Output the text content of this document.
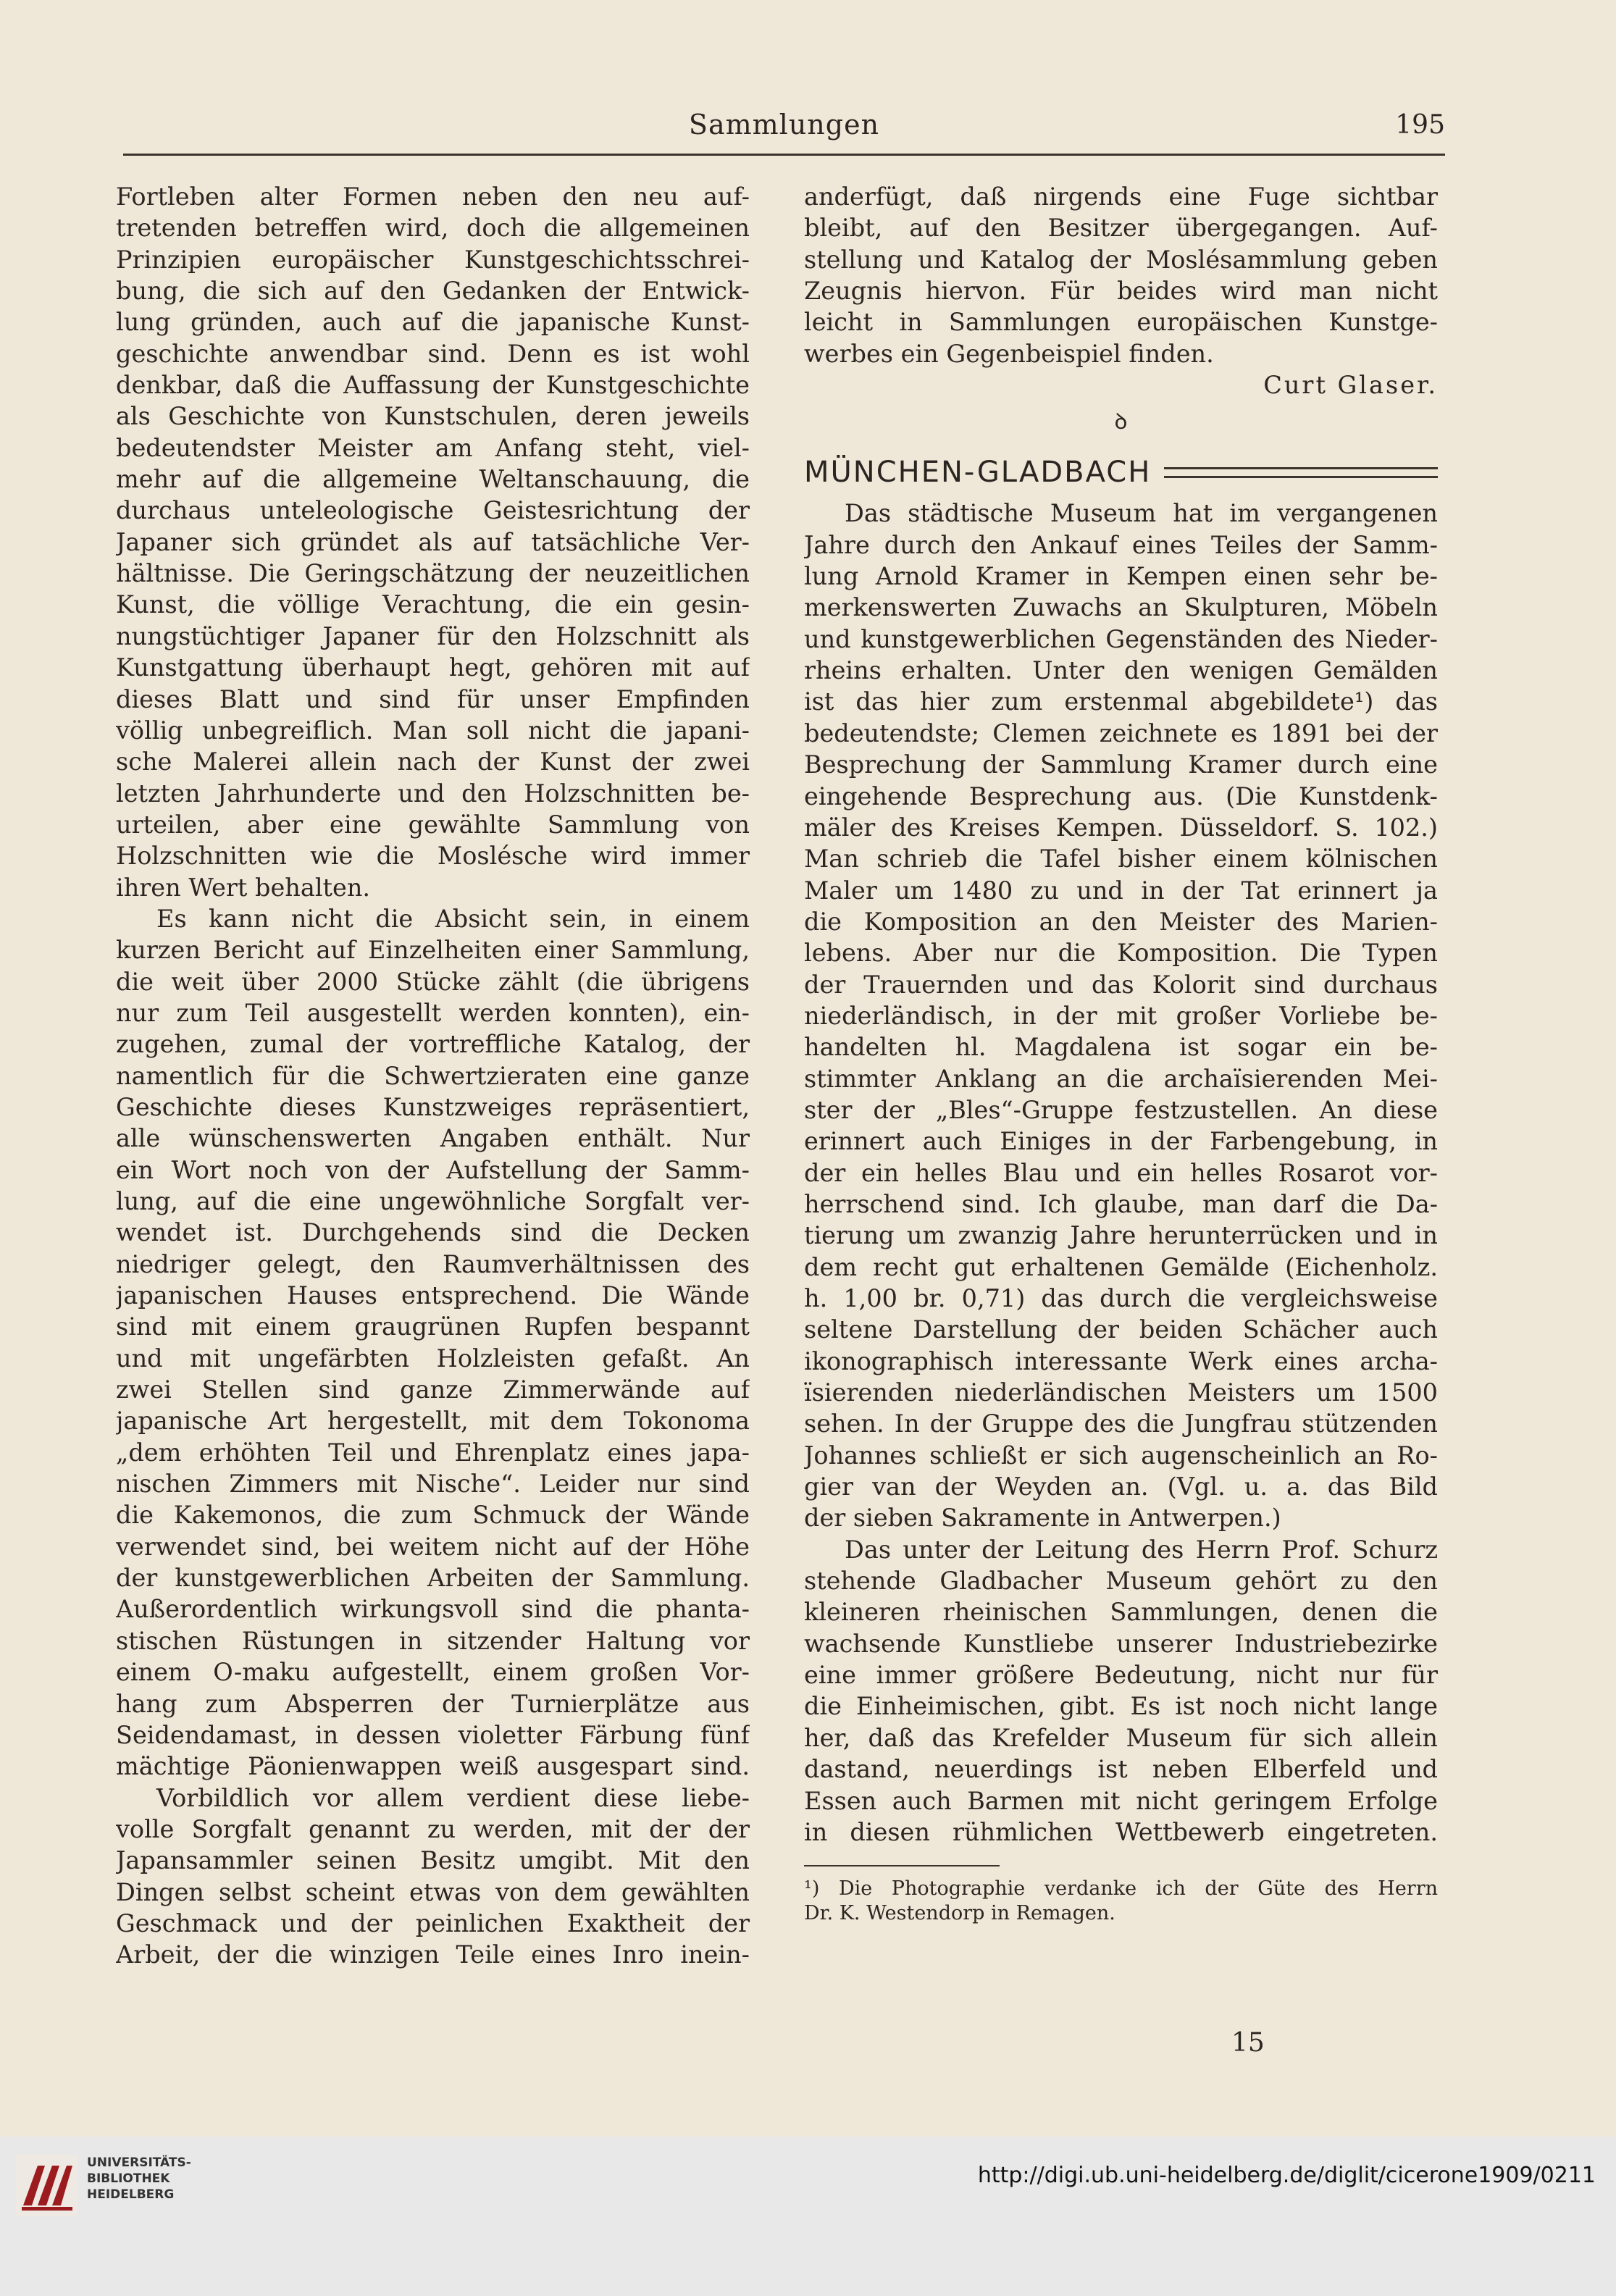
Sammlungen	195
Fortleben alter Formen neben den neu auf-
tretenden betreffen wird, doch die allgemeinen
Prinzipien europäischer Kunstgeschichtsschrei-
bung, die sich auf den Gedanken der Entwick-
lung gründen, auch auf die japanische Kunst-
geschichte anwendbar sind. Denn es ist wohl
denkbar, daß die Auffassung der Kunstgeschichte
als Geschichte von Kunstschulen, deren jeweils
bedeutendster Meister am Anfang steht, viel-
mehr auf die allgemeine Weltanschauung, die
durchaus unteleologische Geistesrichtung der
Japaner sich gründet als auf tatsächliche Ver-
hältnisse. Die Geringschätzung der neuzeitlichen
Kunst, die völlige Verachtung, die ein gesin-
nungstüchtiger Japaner für den Holzschnitt als
Kunstgattung überhaupt hegt, gehören mit auf
dieses Blatt und sind für unser Empfinden
völlig unbegreiflich. Man soll nicht die japani-
sche Malerei allein nach der Kunst der zwei
letzten Jahrhunderte und den Holzschnitten be-
urteilen, aber eine gewählte Sammlung von
Holzschnitten wie die Moslésche wird immer
ihren Wert behalten.
Es kann nicht die Absicht sein, in einem
kurzen Bericht auf Einzelheiten einer Sammlung,
die weit über 2000 Stücke zählt (die übrigens
nur zum Teil ausgestellt werden konnten), ein-
zugehen, zumal der vortreffliche Katalog, der
namentlich für die Schwertzieraten eine ganze
Geschichte dieses Kunstzweiges repräsentiert,
alle wünschenswerten Angaben enthält. Nur
ein Wort noch von der Aufstellung der Samm-
lung, auf die eine ungewöhnliche Sorgfalt ver-
wendet ist. Durchgehends sind die Decken
niedriger gelegt, den Raumverhältnissen des
japanischen Hauses entsprechend. Die Wände
sind mit einem graugrünen Rupfen bespannt
und mit ungefärbten Holzleisten gefaßt. An
zwei Stellen sind ganze Zimmerwände auf
japanische Art hergestellt, mit dem Tokonoma
„dem erhöhten Teil und Ehrenplatz eines japa-
nischen Zimmers mit Nische“. Leider nur sind
die Kakemonos, die zum Schmuck der Wände
verwendet sind, bei weitem nicht auf der Höhe
der kunstgewerblichen Arbeiten der Sammlung.
Außerordentlich wirkungsvoll sind die phanta-
stischen Rüstungen in sitzender Haltung vor
einem O-maku aufgestellt, einem großen Vor-
hang zum Absperren der Turnierplätze aus
Seidendamast, in dessen violetter Färbung fünf
mächtige Päonienwappen weiß ausgespart sind.
Vorbildlich vor allem verdient diese liebe-
volle Sorgfalt genannt zu werden, mit der der
Japansammler seinen Besitz umgibt. Mit den
Dingen selbst scheint etwas von dem gewählten
Geschmack und der peinlichen Exaktheit der
Arbeit, der die winzigen Teile eines Inro inein-
anderfügt, daß nirgends eine Fuge sichtbar
bleibt, auf den Besitzer übergegangen. Auf-
stellung und Katalog der Moslésammlung geben
Zeugnis hiervon. Für beides wird man nicht
leicht in Sammlungen europäischen Kunstge-
werbes ein Gegenbeispiel finden.
Curt Glaser.
ꝺ
MÜNCHEN-GLADBACH
Das städtische Museum hat im vergangenen
Jahre durch den Ankauf eines Teiles der Samm-
lung Arnold Kramer in Kempen einen sehr be-
merkenswerten Zuwachs an Skulpturen, Möbeln
und kunstgewerblichen Gegenständen des Nieder-
rheins erhalten. Unter den wenigen Gemälden
ist das hier zum erstenmal abgebildete¹) das
bedeutendste; Clemen zeichnete es 1891 bei der
Besprechung der Sammlung Kramer durch eine
eingehende Besprechung aus. (Die Kunstdenk-
mäler des Kreises Kempen. Düsseldorf. S. 102.)
Man schrieb die Tafel bisher einem kölnischen
Maler um 1480 zu und in der Tat erinnert ja
die Komposition an den Meister des Marien-
lebens. Aber nur die Komposition. Die Typen
der Trauernden und das Kolorit sind durchaus
niederländisch, in der mit großer Vorliebe be-
handelten hl. Magdalena ist sogar ein be-
stimmter Anklang an die archaïsierenden Mei-
ster der „Bles“-Gruppe festzustellen. An diese
erinnert auch Einiges in der Farbengebung, in
der ein helles Blau und ein helles Rosarot vor-
herrschend sind. Ich glaube, man darf die Da-
tierung um zwanzig Jahre herunterrücken und in
dem recht gut erhaltenen Gemälde (Eichenholz.
h. 1,00 br. 0,71) das durch die vergleichsweise
seltene Darstellung der beiden Schächer auch
ikonographisch interessante Werk eines archa-
ïsierenden niederländischen Meisters um 1500
sehen. In der Gruppe des die Jungfrau stützenden
Johannes schließt er sich augenscheinlich an Ro-
gier van der Weyden an. (Vgl. u. a. das Bild
der sieben Sakramente in Antwerpen.)
Das unter der Leitung des Herrn Prof. Schurz
stehende Gladbacher Museum gehört zu den
kleineren rheinischen Sammlungen, denen die
wachsende Kunstliebe unserer Industriebezirke
eine immer größere Bedeutung, nicht nur für
die Einheimischen, gibt. Es ist noch nicht lange
her, daß das Krefelder Museum für sich allein
dastand, neuerdings ist neben Elberfeld und
Essen auch Barmen mit nicht geringem Erfolge
in diesen rühmlichen Wettbewerb eingetreten.
¹) Die Photographie verdanke ich der Güte des Herrn
Dr. K. Westendorp in Remagen.
15
UNIVERSITÄTS-
BIBLIOTHEK
HEIDELBERG
http://digi.ub.uni-heidelberg.de/diglit/cicerone1909/0211
